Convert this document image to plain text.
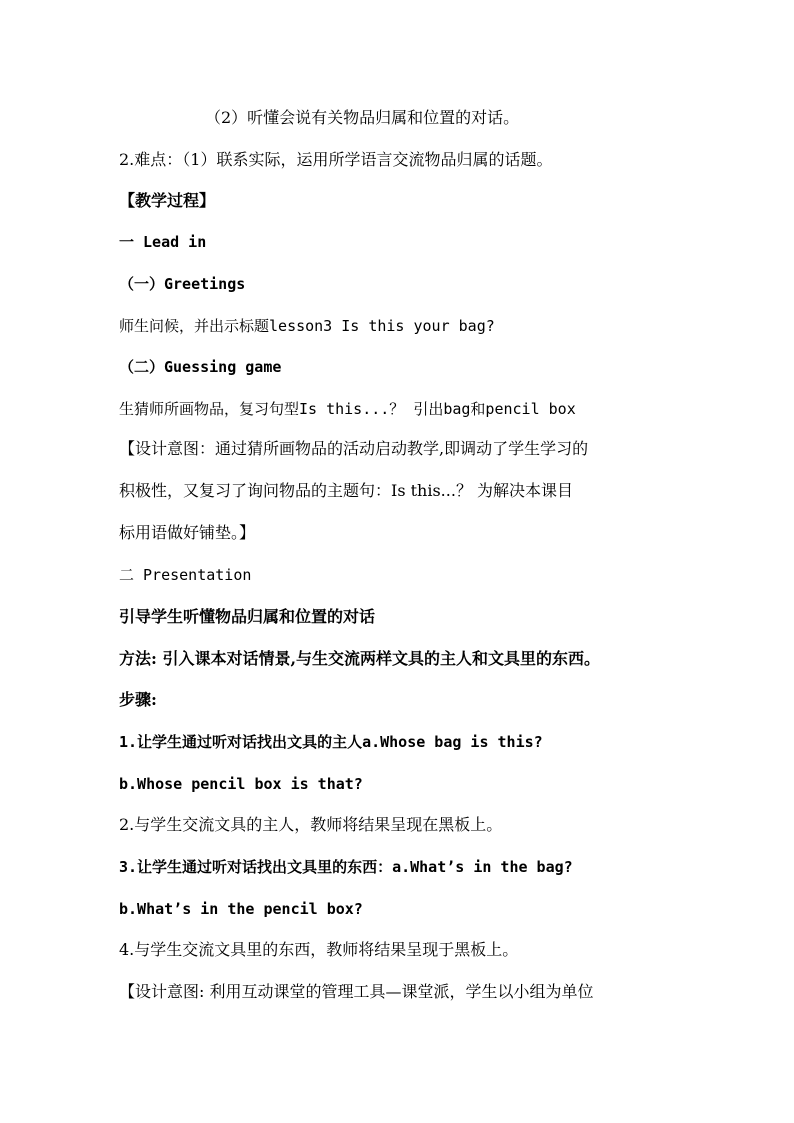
（2）听懂会说有关物品归属和位置的对话。
2.难点：（1）联系实际，运用所学语言交流物品归属的话题。
【教学过程】
一 Lead in
（一）Greetings
师生问候，并出示标题lesson3 Is this your bag?
（二）Guessing game
生猜师所画物品，复习句型Is this...？ 引出bag和pencil box
【设计意图：通过猜所画物品的活动启动教学,即调动了学生学习的
积极性，又复习了询问物品的主题句：Is this...？ 为解决本课目
标用语做好铺垫。】
二 Presentation
引导学生听懂物品归属和位置的对话
方法: 引入课本对话情景,与生交流两样文具的主人和文具里的东西。
步骤:
1.让学生通过听对话找出文具的主人a.Whose bag is this?
b.Whose pencil box is that?
2.与学生交流文具的主人，教师将结果呈现在黑板上。
3.让学生通过听对话找出文具里的东西：a.What’s in the bag?
b.What’s in the pencil box?
4.与学生交流文具里的东西，教师将结果呈现于黑板上。
【设计意图: 利用互动课堂的管理工具—课堂派，学生以小组为单位
